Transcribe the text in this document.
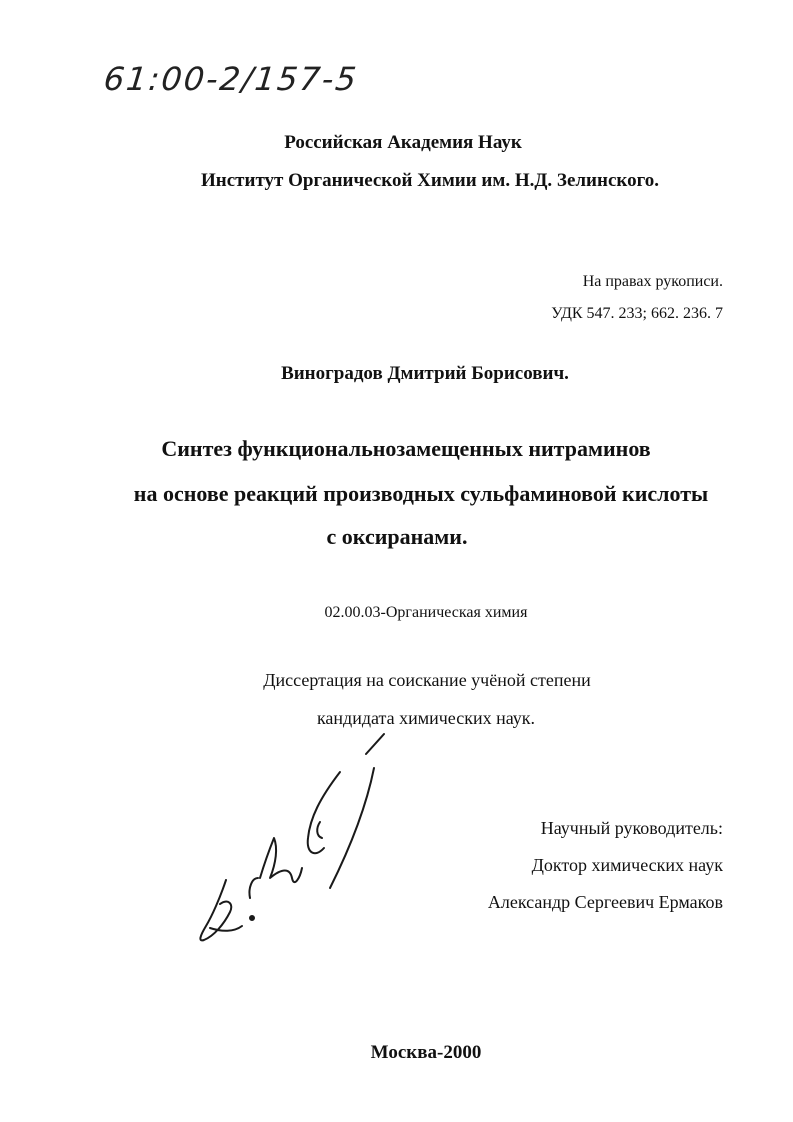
61:00-2/157-5
Российская Академия Наук
Институт Органической Химии им. Н.Д. Зелинского.
На правах рукописи.
УДК 547. 233; 662. 236. 7
Виноградов Дмитрий Борисович.
Синтез функциональнозамещенных нитраминов
на основе реакций производных сульфаминовой кислоты
с оксиранами.
02.00.03-Органическая химия
Диссертация на соискание учёной степени
кандидата химических наук.
Научный руководитель:
Доктор химических наук
Александр Сергеевич Ермаков
Москва-2000
